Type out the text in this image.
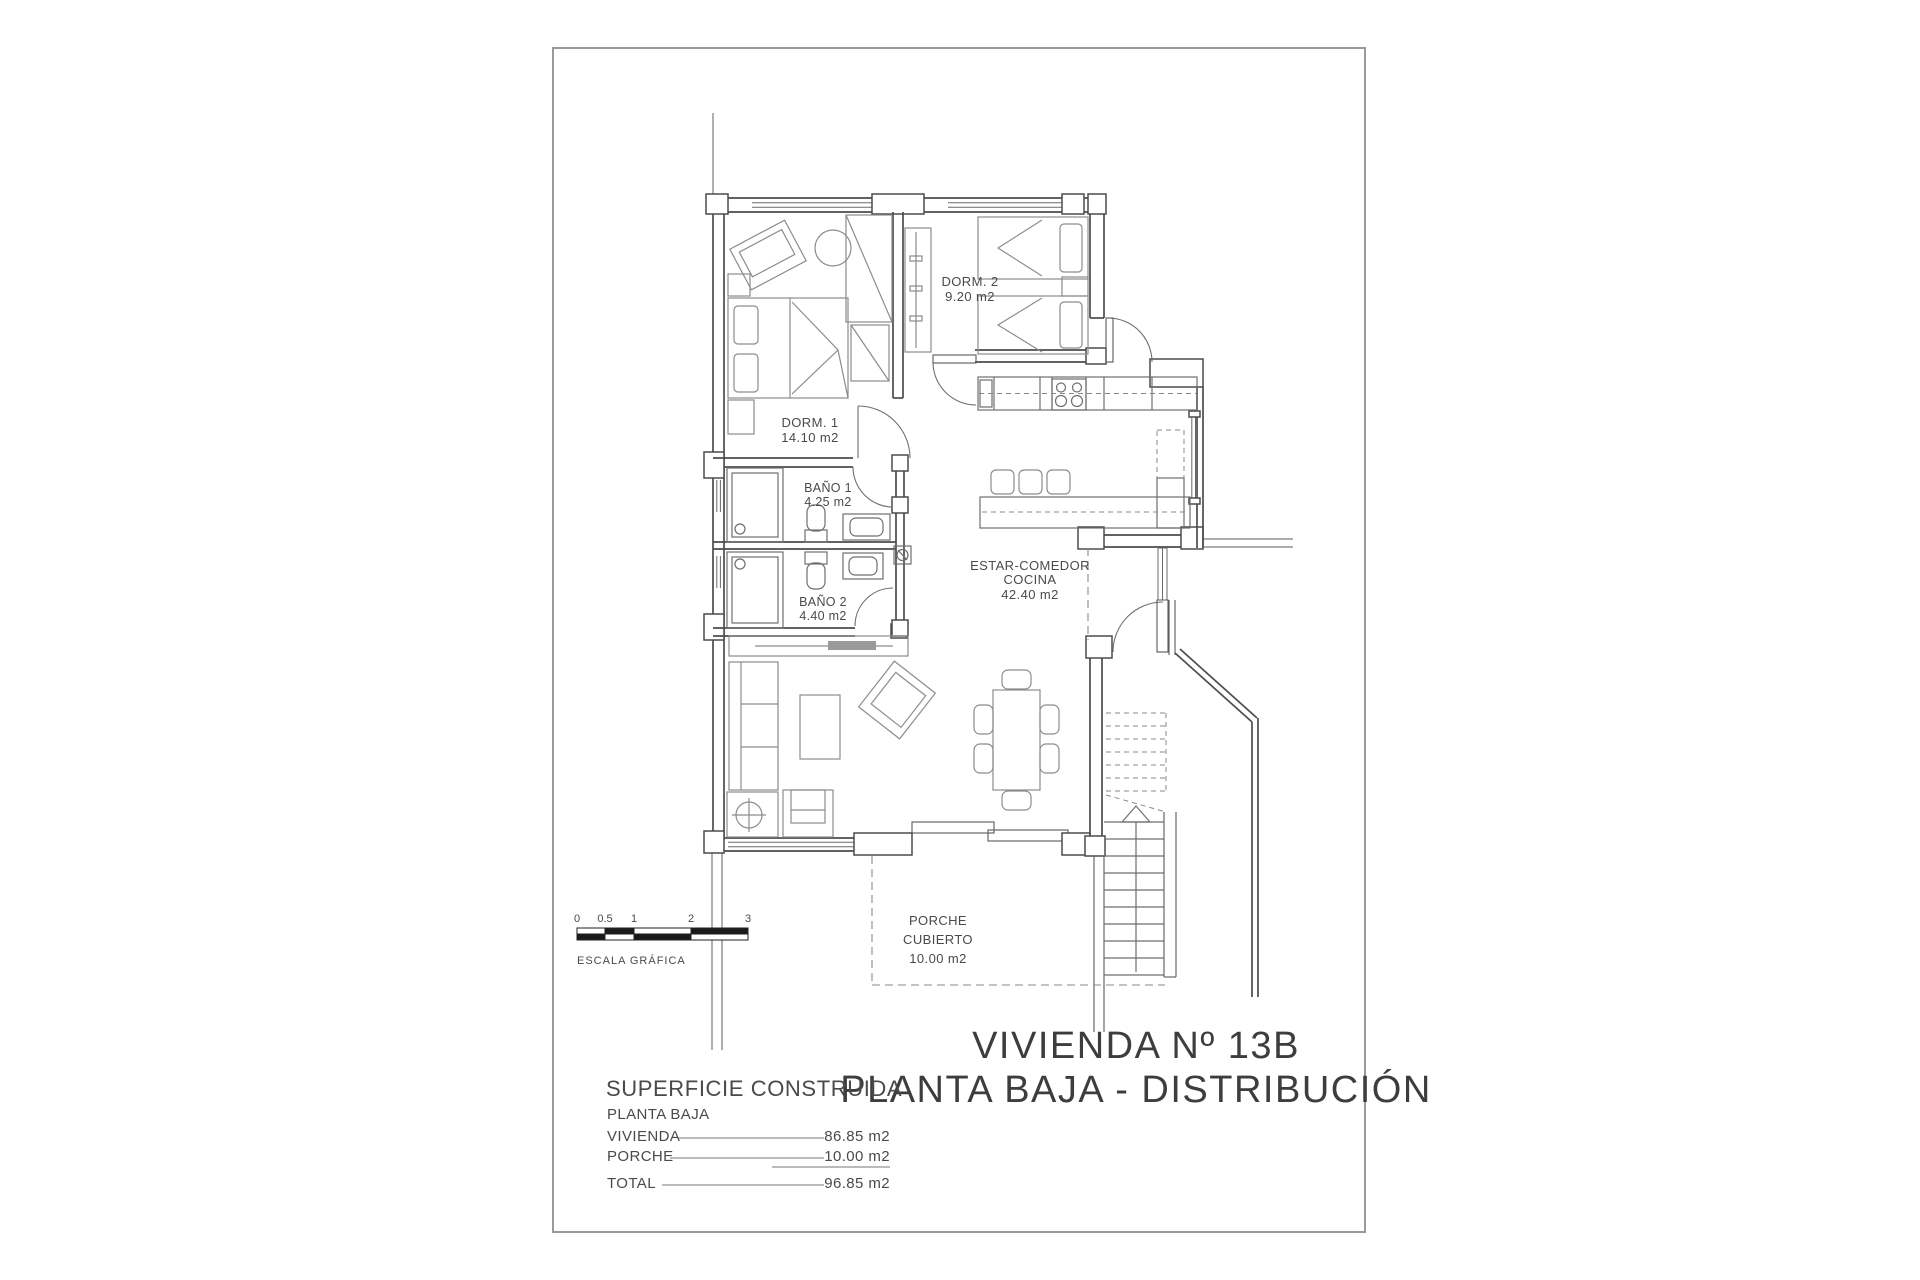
DORM. 1
14.10 m2
DORM. 2
9.20 m2
BAÑO 1
4.25 m2
BAÑO 2
4.40 m2
ESTAR-COMEDOR
COCINA
42.40 m2
PORCHE
CUBIERTO
10.00 m2
0 0.5 1	2	3
ESCALA GRÁFICA
VIVIENDA Nº 13B
PLANTA BAJA - DISTRIBUCIÓN
SUPERFICIE CONSTRUIDA
PLANTA BAJA
VIVIENDA	86.85 m2
PORCHE	10.00 m2
TOTAL	96.85 m2
